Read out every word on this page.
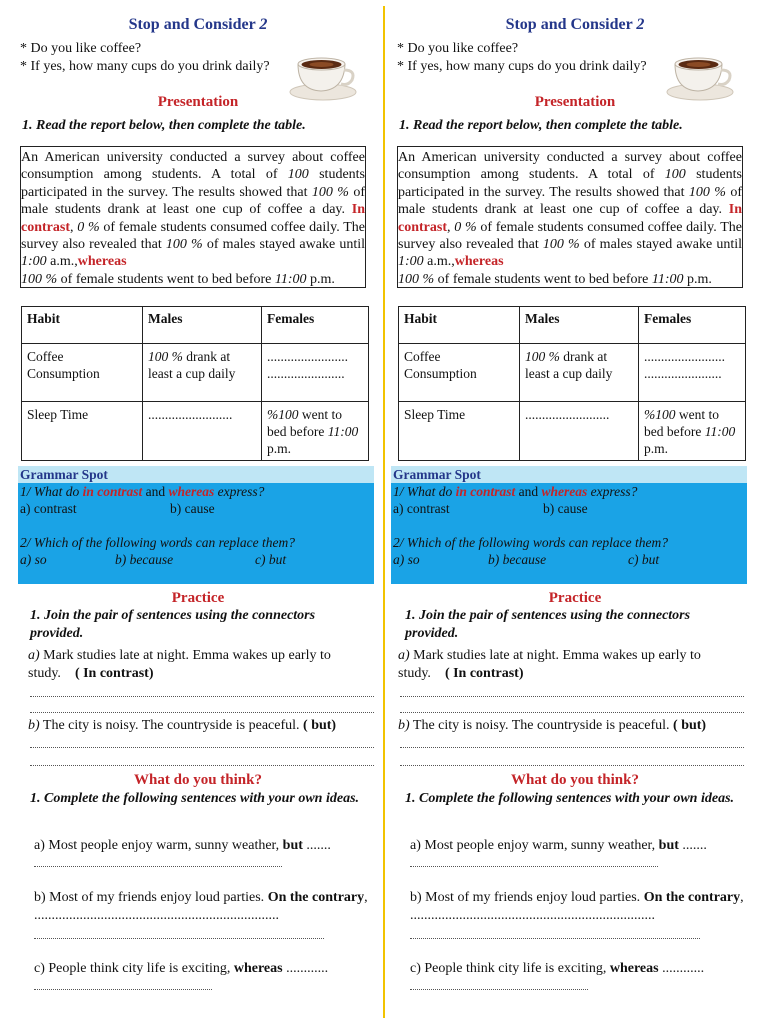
Stop and Consider 2
* Do you like coffee?
* If yes, how many cups do you drink daily?
Presentation
1. Read the report below, then complete the table.
An American university conducted a survey about coffee consumption among students. A total of 100 students participated in the survey. The results showed that 100 % of male students drank at least one cup of coffee a day. In contrast, 0 % of female students consumed coffee daily. The survey also revealed that 100 % of males stayed awake until 1:00 a.m.,whereas
100 % of female students went to bed before 11:00 p.m.
Habit	Males	Females
Coffee Consumption	100 % drank at least a cup daily	........................
.......................

Sleep Time	.........................	%100 went to bed before 11:00 p.m.
Grammar Spot
1/ What do in contrast and whereas express?
a) contrast	b) cause
2/ Which of the following words can replace them?
a) so	b) because	c) but
Practice
1. Join the pair of sentences using the connectors provided.
a) Mark studies late at night. Emma wakes up early to study. ( In contrast)
b) The city is noisy. The countryside is peaceful. ( but)
What do you think?
1. Complete the following sentences with your own ideas.
a) Most people enjoy warm, sunny weather, but .......
b) Most of my friends enjoy loud parties. On the contrary, ......................................................................
c) People think city life is exciting, whereas ............
Stop and Consider 2
* Do you like coffee?
* If yes, how many cups do you drink daily?
Presentation
1. Read the report below, then complete the table.
An American university conducted a survey about coffee consumption among students. A total of 100 students participated in the survey. The results showed that 100 % of male students drank at least one cup of coffee a day. In contrast, 0 % of female students consumed coffee daily. The survey also revealed that 100 % of males stayed awake until 1:00 a.m.,whereas
100 % of female students went to bed before 11:00 p.m.
Habit	Males	Females
Coffee Consumption	100 % drank at least a cup daily	........................
.......................

Sleep Time	.........................	%100 went to bed before 11:00 p.m.
Grammar Spot
1/ What do in contrast and whereas express?
a) contrast	b) cause
2/ Which of the following words can replace them?
a) so	b) because	c) but
Practice
1. Join the pair of sentences using the connectors provided.
a) Mark studies late at night. Emma wakes up early to study. ( In contrast)
b) The city is noisy. The countryside is peaceful. ( but)
What do you think?
1. Complete the following sentences with your own ideas.
a) Most people enjoy warm, sunny weather, but .......
b) Most of my friends enjoy loud parties. On the contrary, ......................................................................
c) People think city life is exciting, whereas ............
